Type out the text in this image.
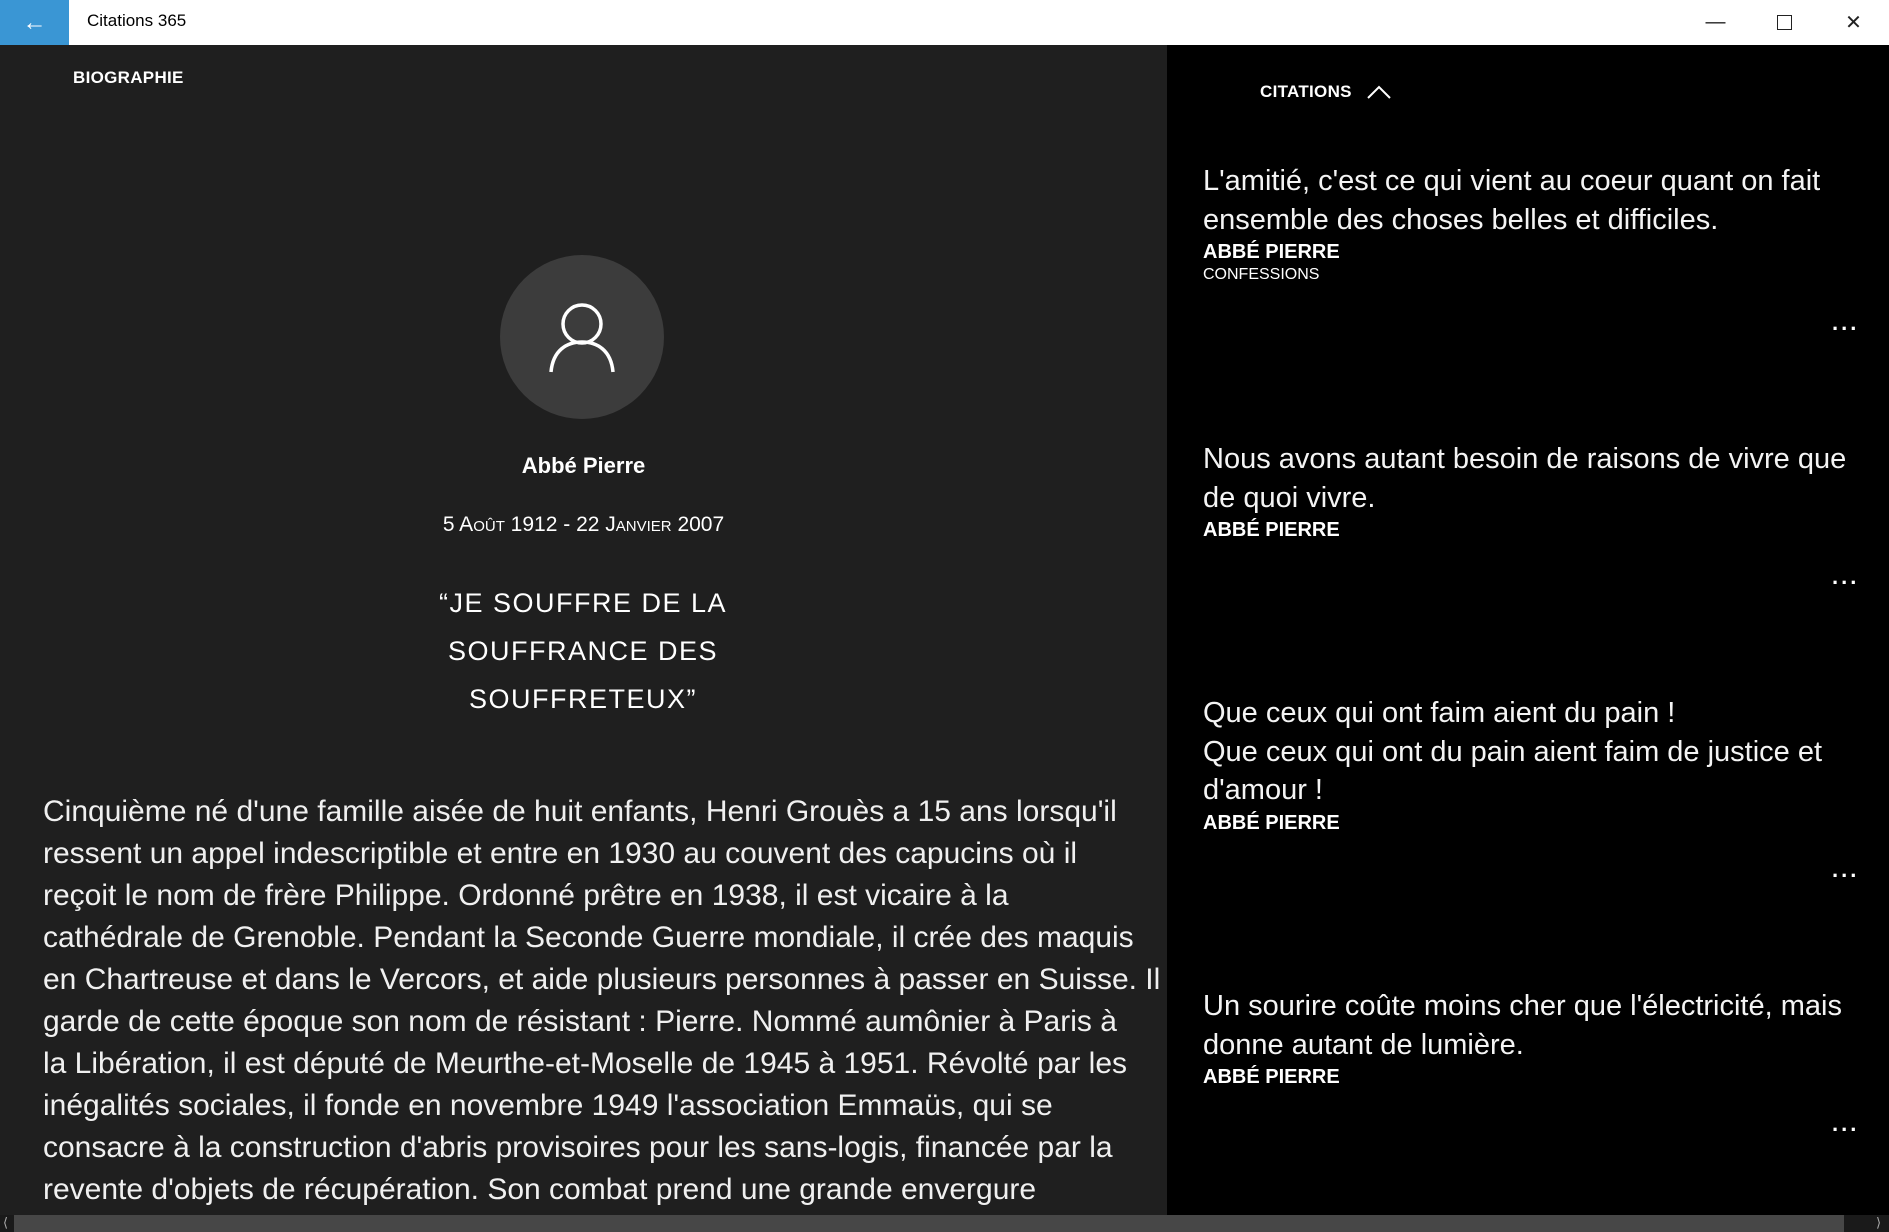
← Citations 365	—	✕
BIOGRAPHIE
Abbé Pierre
5 Août 1912 - 22 Janvier 2007
“JE SOUFFRE DE LA
SOUFFRANCE DES
SOUFFRETEUX”
Cinquième né d'une famille aisée de huit enfants, Henri Grouès a 15 ans lorsqu'il
ressent un appel indescriptible et entre en 1930 au couvent des capucins où il
reçoit le nom de frère Philippe. Ordonné prêtre en 1938, il est vicaire à la
cathédrale de Grenoble. Pendant la Seconde Guerre mondiale, il crée des maquis
en Chartreuse et dans le Vercors, et aide plusieurs personnes à passer en Suisse. Il
garde de cette époque son nom de résistant : Pierre. Nommé aumônier à Paris à
la Libération, il est député de Meurthe-et-Moselle de 1945 à 1951. Révolté par les
inégalités sociales, il fonde en novembre 1949 l'association Emmaüs, qui se
consacre à la construction d'abris provisoires pour les sans-logis, financée par la
revente d'objets de récupération. Son combat prend une grande envergure
CITATIONS
L'amitié, c'est ce qui vient au coeur quant on fait ensemble des choses belles et difficiles.
ABBÉ PIERRE
CONFESSIONS
...
Nous avons autant besoin de raisons de vivre que de quoi vivre.
ABBÉ PIERRE
...
Que ceux qui ont faim aient du pain !
Que ceux qui ont du pain aient faim de justice et d'amour !
ABBÉ PIERRE
...
Un sourire coûte moins cher que l'électricité, mais donne autant de lumière.
ABBÉ PIERRE
...
⟨	⟩
